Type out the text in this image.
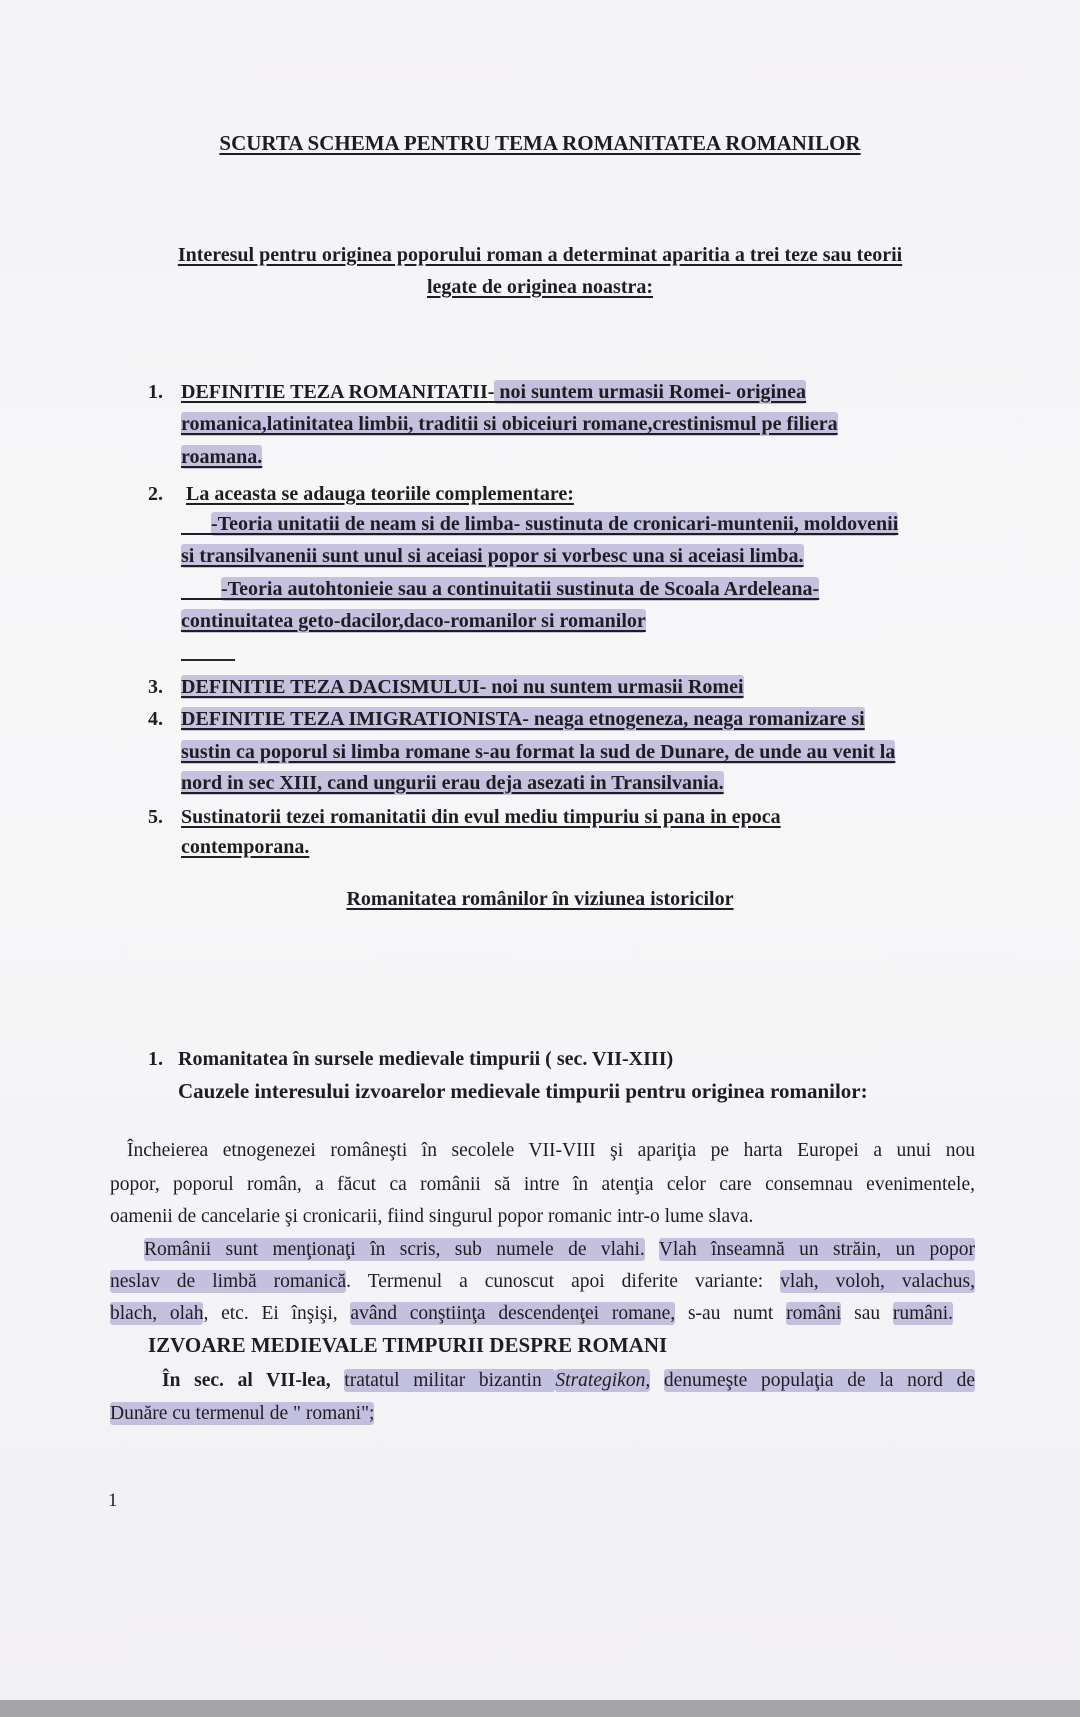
SCURTA SCHEMA PENTRU TEMA ROMANITATEA ROMANILOR
Interesul pentru originea poporului roman a determinat aparitia a trei teze sau teorii
legate de originea noastra:
1. DEFINITIE TEZA ROMANITATII- noi suntem urmasii Romei- originea
romanica,latinitatea limbii, traditii si obiceiuri romane,crestinismul pe filiera
roamana.
2. La aceasta se adauga teoriile complementare:
-Teoria unitatii de neam si de limba- sustinuta de cronicari-muntenii, moldovenii
si transilvanenii sunt unul si aceiasi popor si vorbesc una si aceiasi limba.
-Teoria autohtonieie sau a continuitatii sustinuta de Scoala Ardeleana-
continuitatea geto-dacilor,daco-romanilor si romanilor
3. DEFINITIE TEZA DACISMULUI- noi nu suntem urmasii Romei
4. DEFINITIE TEZA IMIGRATIONISTA- neaga etnogeneza, neaga romanizare si
sustin ca poporul si limba romane s-au format la sud de Dunare, de unde au venit la
nord in sec XIII, cand ungurii erau deja asezati in Transilvania.
5. Sustinatorii tezei romanitatii din evul mediu timpuriu si pana in epoca
contemporana.
Romanitatea românilor în viziunea istoricilor
1. Romanitatea în sursele medievale timpurii ( sec. VII-XIII)
Cauzele interesului izvoarelor medievale timpurii pentru originea romanilor:
Încheierea etnogenezei româneşti în secolele VII-VIII şi apariţia pe harta Europei a unui nou
popor, poporul român, a făcut ca românii să intre în atenţia celor care consemnau evenimentele,
oamenii de cancelarie şi cronicarii, fiind singurul popor romanic intr-o lume slava.
Românii sunt menţionaţi în scris, sub numele de vlahi. Vlah înseamnă un străin, un popor
neslav de limbă romanică. Termenul a cunoscut apoi diferite variante: vlah, voloh, valachus,
blach, olah, etc. Ei înşişi, având conştiinţa descendenţei romane, s-au numt români sau rumâni.
IZVOARE MEDIEVALE TIMPURII DESPRE ROMANI
În sec. al VII-lea, tratatul militar bizantin Strategikon, denumeşte populaţia de la nord de
Dunăre cu termenul de " romani";
1
